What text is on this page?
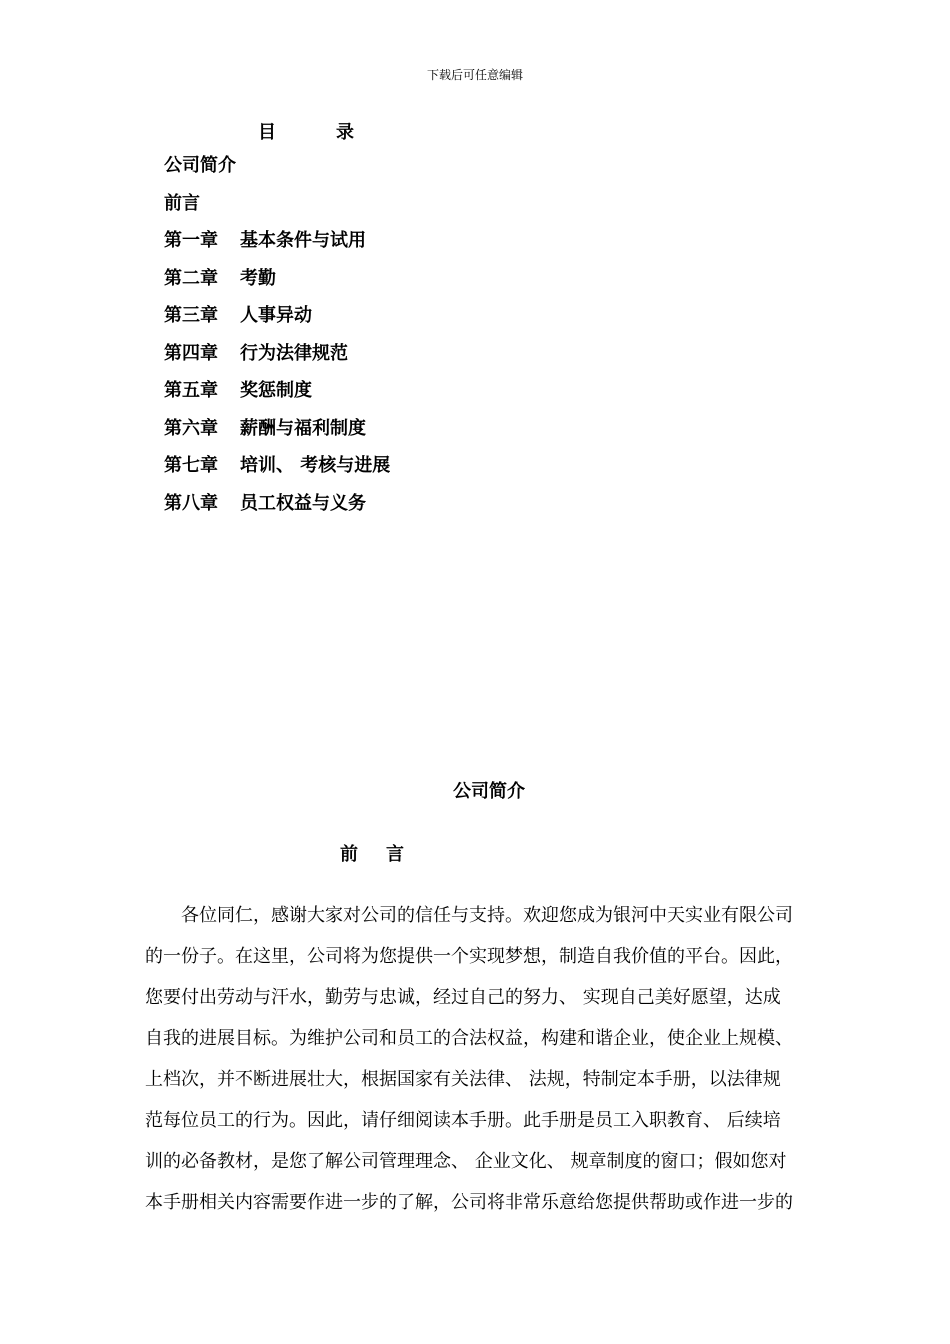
下载后可任意编辑
目	录
公司简介
前言
第一章 基本条件与试用
第二章 考勤
第三章 人事异动
第四章 行为法律规范
第五章 奖惩制度
第六章 薪酬与福利制度
第七章 培训、 考核与进展
第八章 员工权益与义务
公司简介
前 言
各位同仁，感谢大家对公司的信任与支持。欢迎您成为银河中天实业有限公司
的一份子。在这里，公司将为您提供一个实现梦想，制造自我价值的平台。因此，
您要付出劳动与汗水，勤劳与忠诚，经过自己的努力、 实现自己美好愿望，达成
自我的进展目标。为维护公司和员工的合法权益，构建和谐企业，使企业上规模、
上档次，并不断进展壮大，根据国家有关法律、 法规，特制定本手册，以法律规
范每位员工的行为。因此，请仔细阅读本手册。此手册是员工入职教育、 后续培
训的必备教材，是您了解公司管理理念、 企业文化、 规章制度的窗口；假如您对
本手册相关内容需要作进一步的了解，公司将非常乐意给您提供帮助或作进一步的
